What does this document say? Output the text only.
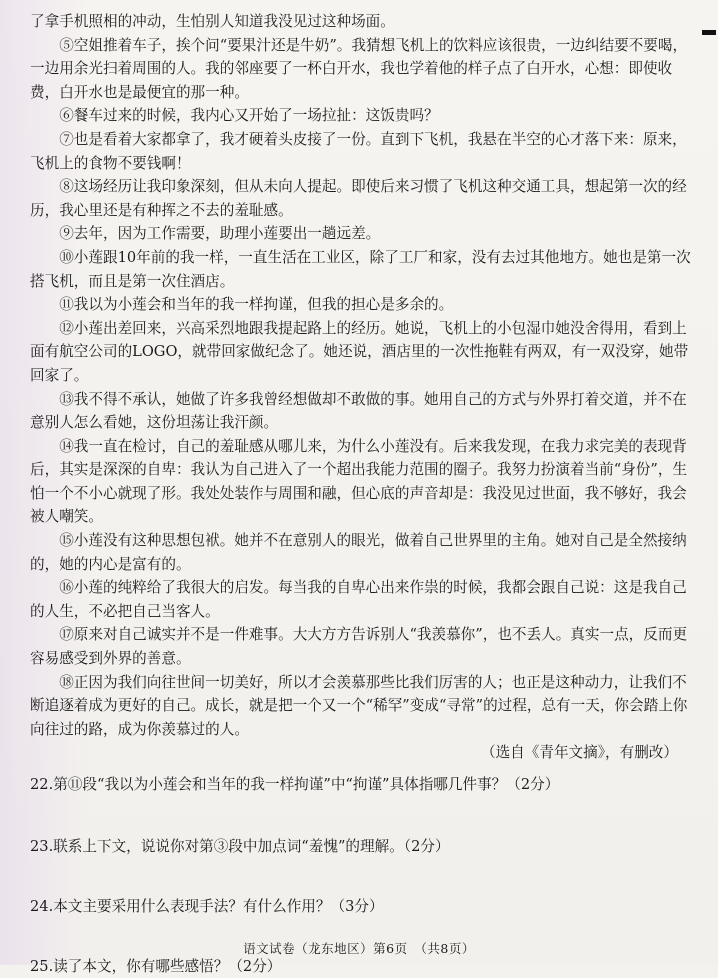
了拿手机照相的冲动，生怕别人知道我没见过这种场面。

⑤空姐推着车子，挨个问“要果汁还是牛奶”。我猜想飞机上的饮料应该很贵，一边纠结要不要喝，一边用余光扫着周围的人。我的邻座要了一杯白开水，我也学着他的样子点了白开水，心想：即使收费，白开水也是最便宜的那一种。

⑥餐车过来的时候，我内心又开始了一场拉扯：这饭贵吗？

⑦也是看着大家都拿了，我才硬着头皮接了一份。直到下飞机，我悬在半空的心才落下来：原来，飞机上的食物不要钱啊！

⑧这场经历让我印象深刻，但从未向人提起。即使后来习惯了飞机这种交通工具，想起第一次的经历，我心里还是有种挥之不去的羞耻感。

⑨去年，因为工作需要，助理小莲要出一趟远差。

⑩小莲跟10年前的我一样，一直生活在工业区，除了工厂和家，没有去过其他地方。她也是第一次搭飞机，而且是第一次住酒店。

⑪我以为小莲会和当年的我一样拘谨，但我的担心是多余的。

⑫小莲出差回来，兴高采烈地跟我提起路上的经历。她说，飞机上的小包湿巾她没舍得用，看到上面有航空公司的LOGO，就带回家做纪念了。她还说，酒店里的一次性拖鞋有两双，有一双没穿，她带回家了。

⑬我不得不承认，她做了许多我曾经想做却不敢做的事。她用自己的方式与外界打着交道，并不在意别人怎么看她，这份坦荡让我汗颜。

⑭我一直在检讨，自己的羞耻感从哪儿来，为什么小莲没有。后来我发现，在我力求完美的表现背后，其实是深深的自卑：我认为自己进入了一个超出我能力范围的圈子。我努力扮演着当前“身份”，生怕一个不小心就现了形。我处处装作与周围和融，但心底的声音却是：我没见过世面，我不够好，我会被人嘲笑。

⑮小莲没有这种思想包袱。她并不在意别人的眼光，做着自己世界里的主角。她对自己是全然接纳的，她的内心是富有的。

⑯小莲的纯粹给了我很大的启发。每当我的自卑心出来作祟的时候，我都会跟自己说：这是我自己的人生，不必把自己当客人。

⑰原来对自己诚实并不是一件难事。大大方方告诉别人“我羡慕你”，也不丢人。真实一点，反而更容易感受到外界的善意。

⑱正因为我们向往世间一切美好，所以才会羡慕那些比我们厉害的人；也正是这种动力，让我们不断追逐着成为更好的自己。成长，就是把一个又一个“稀罕”变成“寻常”的过程，总有一天，你会踏上你向往过的路，成为你羡慕过的人。

（选自《青年文摘》，有删改）

22.第⑪段“我以为小莲会和当年的我一样拘谨”中“拘谨”具体指哪几件事？（2分）

23.联系上下文，说说你对第③段中加点词“羞愧”的理解。（2分）

24.本文主要采用什么表现手法？有什么作用？（3分）

25.读了本文，你有哪些感悟？（2分）

语文试卷（龙东地区）第6页　（共8页）
